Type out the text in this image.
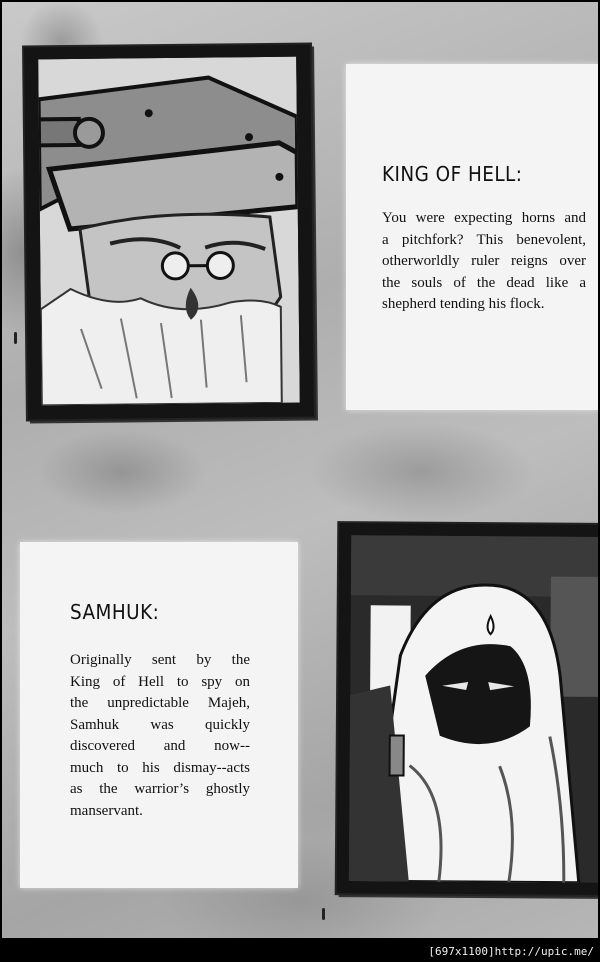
KING OF HELL:

You were expecting horns and
a pitchfork? This benevolent,
otherworldly ruler reigns over
the souls of the dead like a
shepherd tending his flock.

SAMHUK:

Originally sent by the
King of Hell to spy on
the unpredictable Majeh,
Samhuk was quickly
discovered and now--
much to his dismay--acts
as the warrior’s ghostly
manservant.

[697x1100]http://upic.me/
